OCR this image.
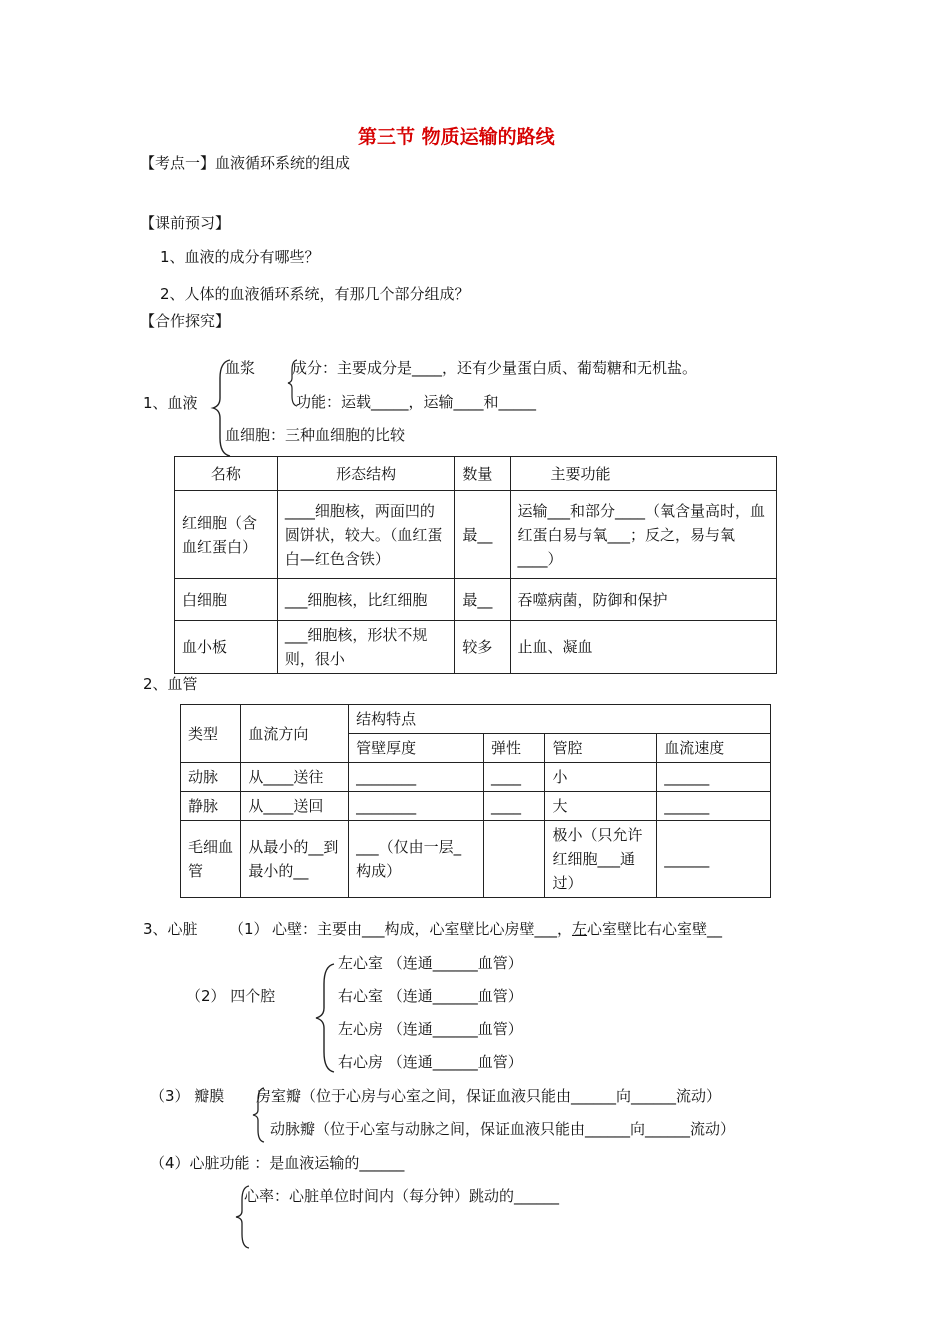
第三节 物质运输的路线
【考点一】血液循环系统的组成
【课前预习】
1、血液的成分有哪些？
2、人体的血液循环系统，有那几个部分组成？
【合作探究】
1、血液
血浆 成分：主要成分是____，还有少量蛋白质、葡萄糖和无机盐。
功能：运载_____，运输____和_____
血细胞：三种血细胞的比较
名称	形态结构	数量	主要功能
红细胞（含血红蛋白）	____细胞核，两面凹的圆饼状，较大。（血红蛋白—红色含铁）	最__	运输___和部分____（氧含量高时，血红蛋白易与氧___；反之，易与氧____）
白细胞	___细胞核，比红细胞	最__	吞噬病菌，防御和保护
血小板	___细胞核，形状不规则，很小	较多	止血、凝血
2、血管
类型	血流方向	结构特点			
		管壁厚度	弹性	管腔	血流速度
动脉	从____送往	________	____	小	______
静脉	从____送回	________	____	大	______
毛细血管	从最小的__到最小的__	___（仅由一层_构成）		极小（只允许红细胞___通过）	______
3、心脏 （1） 心壁：主要由___构成，心室壁比心房壁___，左心室壁比右心室壁__
（2） 四个腔
左心室 （连通______血管）
右心室 （连通______血管）
左心房 （连通______血管）
右心房 （连通______血管）
（3） 瓣膜 房室瓣（位于心房与心室之间，保证血液只能由______向______流动）
动脉瓣（位于心室与动脉之间，保证血液只能由______向______流动）
（4）心脏功能 ：是血液运输的______
心率：心脏单位时间内（每分钟）跳动的______
